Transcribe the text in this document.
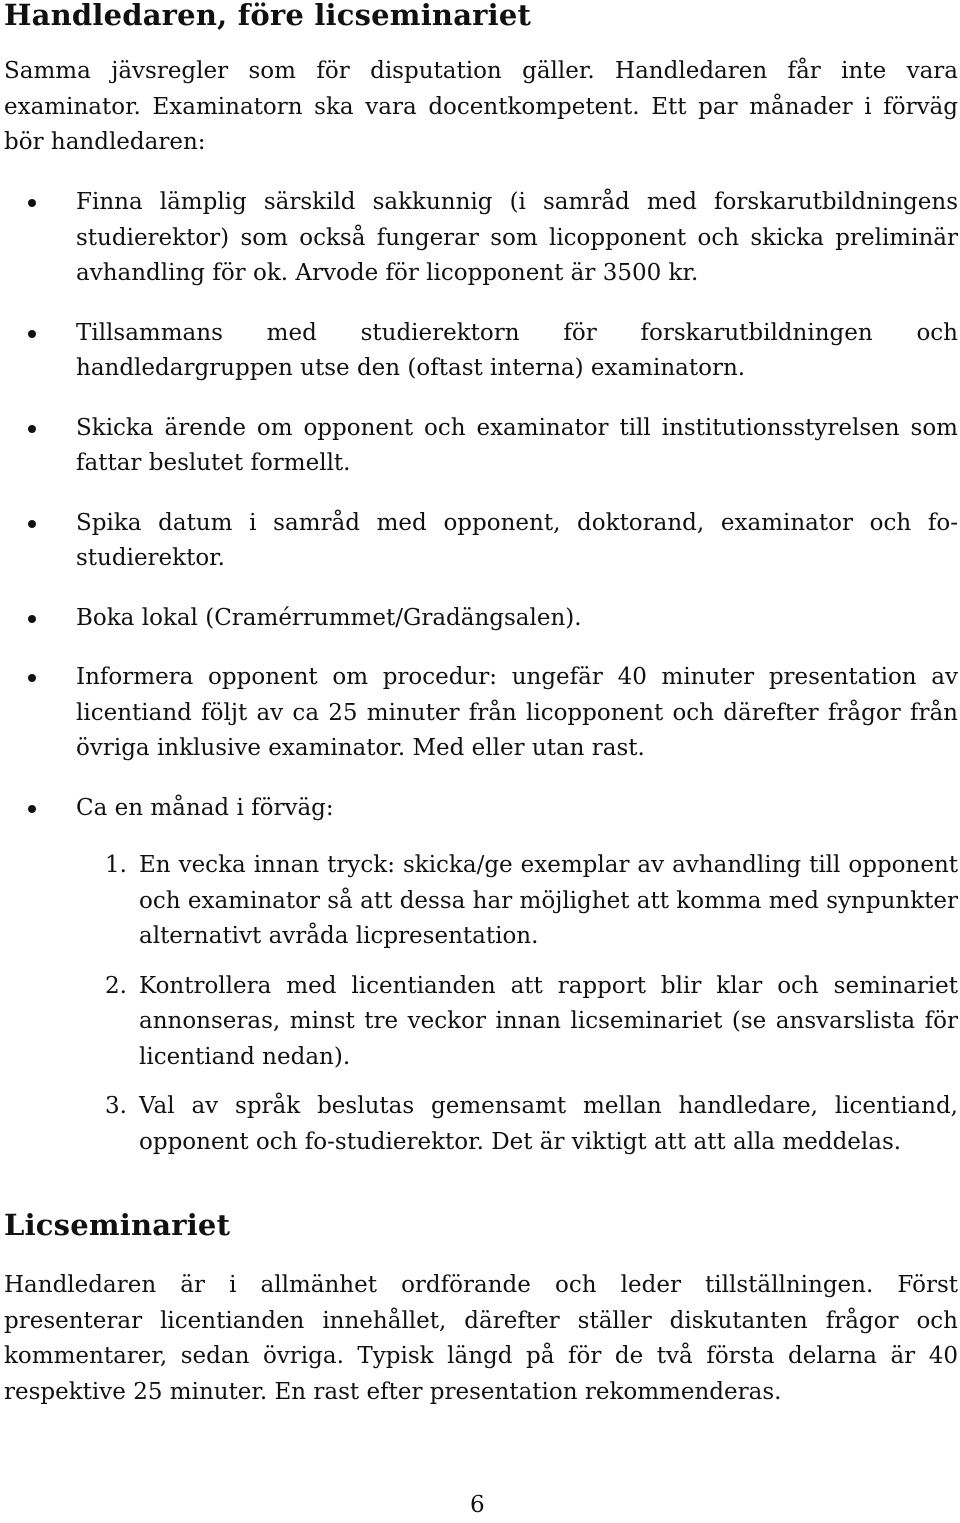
Handledaren, före licseminariet

Samma jävsregler som för disputation gäller. Handledaren får inte vara examinator. Examinatorn ska vara docentkompetent. Ett par månader i förväg bör handledaren:

Finna lämplig särskild sakkunnig (i samråd med forskarutbildningens studierektor) som också fungerar som licopponent och skicka preliminär avhandling för ok. Arvode för licopponent är 3500 kr.
Tillsammans med studierektorn för forskarutbildningen och handledargruppen utse den (oftast interna) examinatorn.
Skicka ärende om opponent och examinator till institutionsstyrelsen som fattar beslutet formellt.
Spika datum i samråd med opponent, doktorand, examinator och fo-studierektor.
Boka lokal (Cramérrummet/Gradängsalen).
Informera opponent om procedur: ungefär 40 minuter presentation av licentiand följt av ca 25 minuter från licopponent och därefter frågor från övriga inklusive examinator. Med eller utan rast.
Ca en månad i förväg:
1. En vecka innan tryck: skicka/ge exemplar av avhandling till opponent och examinator så att dessa har möjlighet att komma med synpunkter alternativt avråda licpresentation.
2. Kontrollera med licentianden att rapport blir klar och seminariet annonseras, minst tre veckor innan licseminariet (se ansvarslista för licentiand nedan).
3. Val av språk beslutas gemensamt mellan handledare, licentiand, opponent och fo-studierektor. Det är viktigt att att alla meddelas.
Licseminariet

Handledaren är i allmänhet ordförande och leder tillställningen. Först presenterar licentianden innehållet, därefter ställer diskutanten frågor och kommentarer, sedan övriga. Typisk längd på för de två första delarna är 40 respektive 25 minuter. En rast efter presentation rekommenderas.

6
